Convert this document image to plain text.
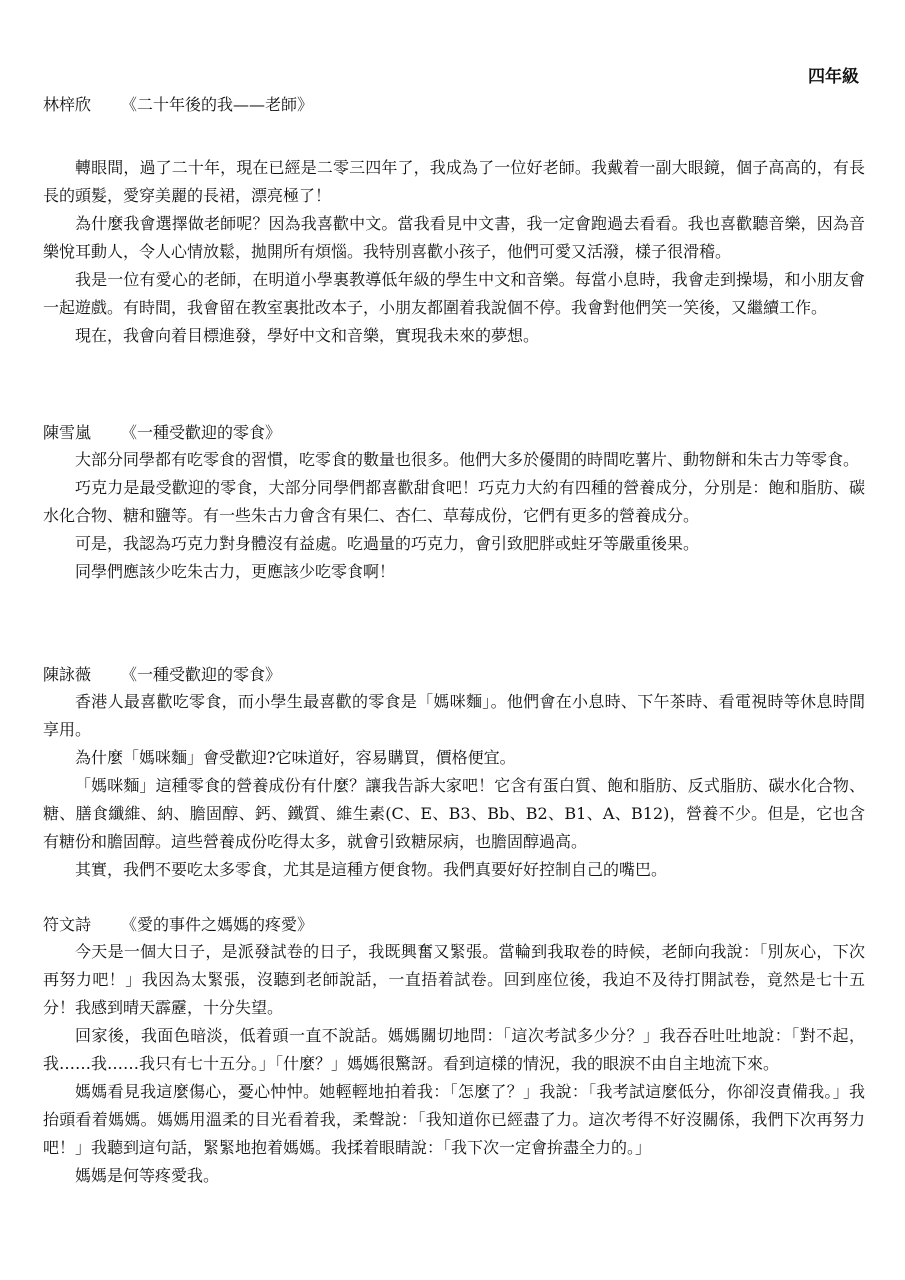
四年級

林梓欣 《二十年後的我——老師》

轉眼間，過了二十年，現在已經是二零三四年了，我成為了一位好老師。我戴着一副大眼鏡，個子高高的，有長長的頭髮，愛穿美麗的長裙，漂亮極了！

為什麼我會選擇做老師呢？因為我喜歡中文。當我看見中文書，我一定會跑過去看看。我也喜歡聽音樂，因為音樂悅耳動人，令人心情放鬆，拋開所有煩惱。我特別喜歡小孩子，他們可愛又活潑，樣子很滑稽。

我是一位有愛心的老師，在明道小學裏教導低年級的學生中文和音樂。每當小息時，我會走到操場，和小朋友會一起遊戲。有時間，我會留在教室裏批改本子，小朋友都圍着我說個不停。我會對他們笑一笑後，又繼續工作。

現在，我會向着目標進發，學好中文和音樂，實現我未來的夢想。

陳雪嵐 《一種受歡迎的零食》

大部分同學都有吃零食的習慣，吃零食的數量也很多。他們大多於優閒的時間吃薯片、動物餅和朱古力等零食。

巧克力是最受歡迎的零食，大部分同學們都喜歡甜食吧！巧克力大約有四種的營養成分，分別是：飽和脂肪、碳水化合物、糖和鹽等。有一些朱古力會含有果仁、杏仁、草莓成份，它們有更多的營養成分。

可是，我認為巧克力對身體沒有益處。吃過量的巧克力，會引致肥胖或蛀牙等嚴重後果。

同學們應該少吃朱古力，更應該少吃零食啊！

陳詠薇 《一種受歡迎的零食》

香港人最喜歡吃零食，而小學生最喜歡的零食是「媽咪麵」。他們會在小息時、下午茶時、看電視時等休息時間享用。

為什麼「媽咪麵」會受歡迎?它味道好，容易購買，價格便宜。

「媽咪麵」這種零食的營養成份有什麼？讓我告訴大家吧！它含有蛋白質、飽和脂肪、反式脂肪、碳水化合物、糖、膳食纖維、納、膽固醇、鈣、鐵質、維生素(C、E、B3、Bb、B2、B1、A、B12)，營養不少。但是，它也含有糖份和膽固醇。這些營養成份吃得太多，就會引致糖尿病，也膽固醇過高。

其實，我們不要吃太多零食，尤其是這種方便食物。我們真要好好控制自己的嘴巴。

符文詩 《愛的事件之媽媽的疼愛》

今天是一個大日子，是派發試卷的日子，我既興奮又緊張。當輪到我取卷的時候，老師向我說：「別灰心，下次再努力吧！」我因為太緊張，沒聽到老師說話，一直捂着試卷。回到座位後，我迫不及待打開試卷，竟然是七十五分！我感到晴天霹靂，十分失望。

回家後，我面色暗淡，低着頭一直不說話。媽媽關切地問：「這次考試多少分？」我吞吞吐吐地說：「對不起，我……我……我只有七十五分。」「什麼？」媽媽很驚訝。看到這樣的情況，我的眼淚不由自主地流下來。

媽媽看見我這麼傷心，憂心忡忡。她輕輕地拍着我：「怎麼了？」我說：「我考試這麼低分，你卻沒責備我。」我抬頭看着媽媽。媽媽用溫柔的目光看着我，柔聲說：「我知道你已經盡了力。這次考得不好沒關係，我們下次再努力吧！」我聽到這句話，緊緊地抱着媽媽。我揉着眼睛說：「我下次一定會拚盡全力的。」

媽媽是何等疼愛我。
